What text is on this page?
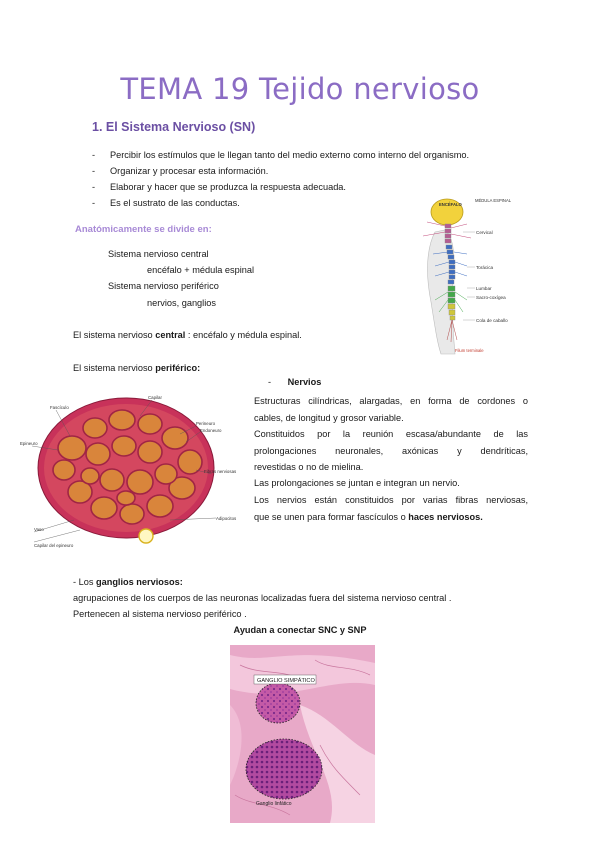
TEMA 19 Tejido nervioso
1. El Sistema Nervioso (SN)
- Percibir los estímulos que le llegan tanto del medio externo como interno del organismo.
- Organizar y procesar esta información.
- Elaborar y hacer que se produzca la respuesta adecuada.
- Es el sustrato de las conductas.
Anatómicamente se divide en:
Sistema nervioso central
encéfalo + médula espinal
Sistema nervioso periférico
nervios, ganglios
El sistema nervioso central : encéfalo y médula espinal.
El sistema nervioso periférico:
ENCÉFALO
MÉDULA ESPINAL
Cervical
Torácica
Lumbar
Sacro-coxígea
Cola de caballo
Filum terminale
Fascículo
Capilar
Perineuro
Endoneuro
Epineuro
Fibras nerviosas
Adipocitos
Vaso
Capilar del epineuro
- Nervios
Estructuras cilíndricas, alargadas, en forma de cordones o
cables, de longitud y grosor variable.
Constituidos por la reunión escasa/abundante de las
prolongaciones neuronales, axónicas y dendríticas,
revestidas o no de mielina.
Las prolongaciones se juntan e integran un nervio.
Los nervios están constituidos por varias fibras nerviosas,
que se unen para formar fascículos o haces nerviosos.
- Los ganglios nerviosos:
agrupaciones de los cuerpos de las neuronas localizadas fuera del sistema nervioso central .
Pertenecen al sistema nervioso periférico .
Ayudan a conectar SNC y SNP
GANGLIO SIMPÁTICO
Ganglio linfático
